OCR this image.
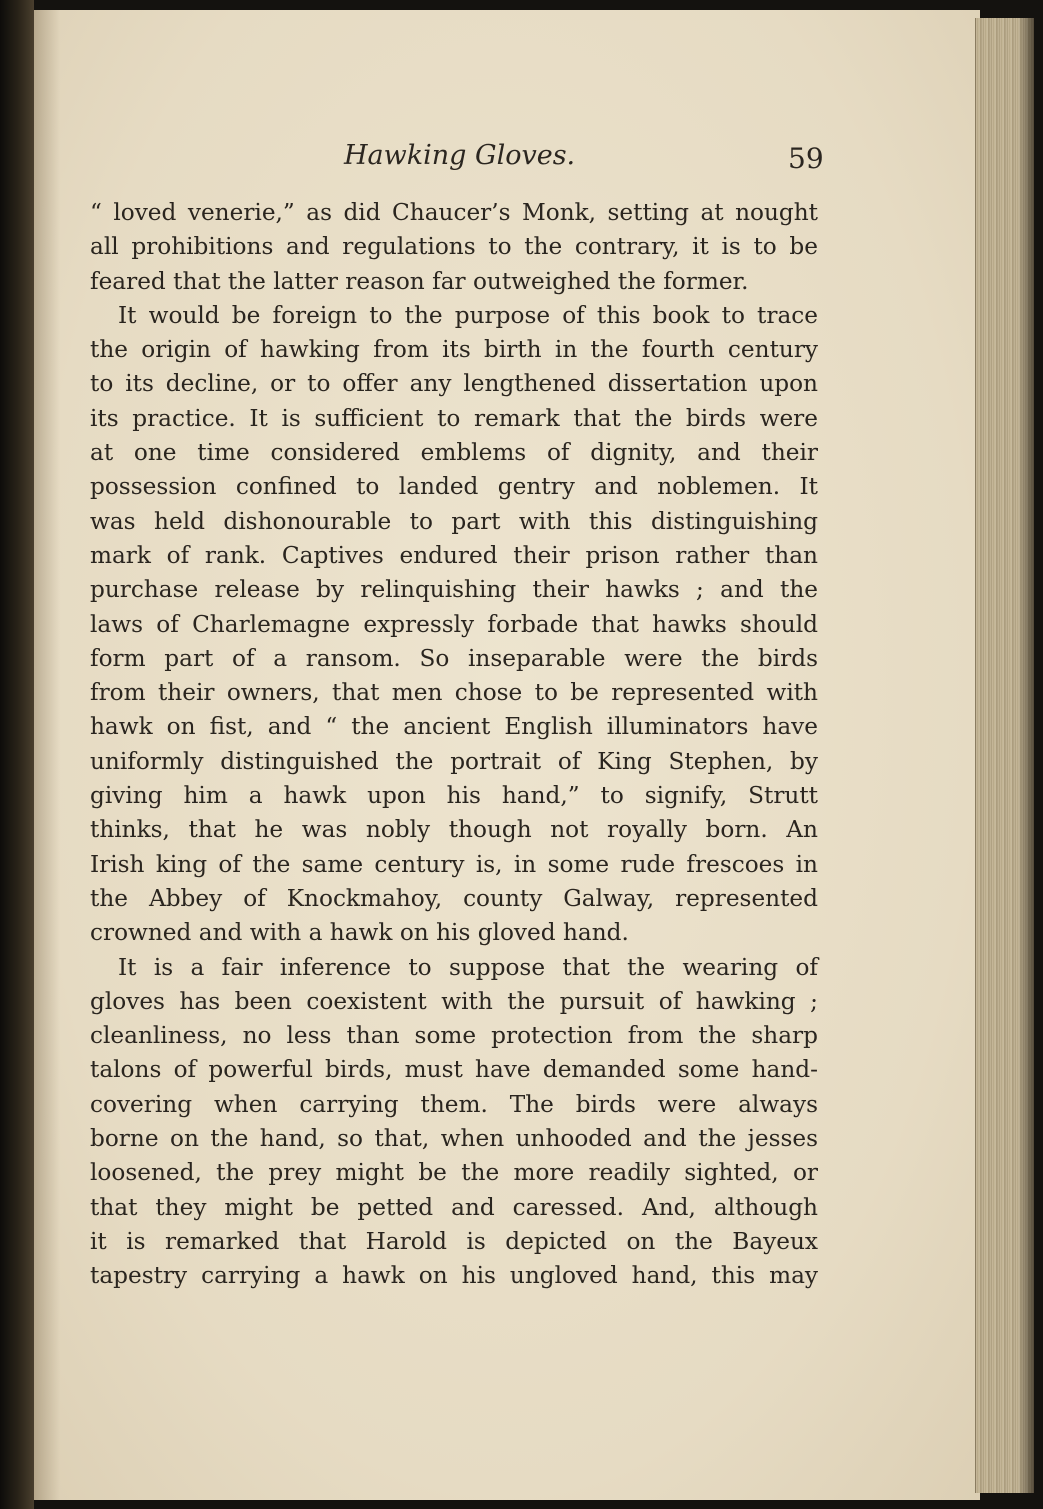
Hawking Gloves.	59
“ loved venerie,” as did Chaucer’s Monk, setting at nought
all prohibitions and regulations to the contrary, it is to be
feared that the latter reason far outweighed the former.
It would be foreign to the purpose of this book to trace
the origin of hawking from its birth in the fourth century
to its decline, or to offer any lengthened dissertation upon
its practice. It is sufficient to remark that the birds were
at one time considered emblems of dignity, and their
possession confined to landed gentry and noblemen. It
was held dishonourable to part with this distinguishing
mark of rank. Captives endured their prison rather than
purchase release by relinquishing their hawks ; and the
laws of Charlemagne expressly forbade that hawks should
form part of a ransom. So inseparable were the birds
from their owners, that men chose to be represented with
hawk on fist, and “ the ancient English illuminators have
uniformly distinguished the portrait of King Stephen, by
giving him a hawk upon his hand,” to signify, Strutt
thinks, that he was nobly though not royally born. An
Irish king of the same century is, in some rude frescoes in
the Abbey of Knockmahoy, county Galway, represented
crowned and with a hawk on his gloved hand.
It is a fair inference to suppose that the wearing of
gloves has been coexistent with the pursuit of hawking ;
cleanliness, no less than some protection from the sharp
talons of powerful birds, must have demanded some hand-
covering when carrying them. The birds were always
borne on the hand, so that, when unhooded and the jesses
loosened, the prey might be the more readily sighted, or
that they might be petted and caressed. And, although
it is remarked that Harold is depicted on the Bayeux
tapestry carrying a hawk on his ungloved hand, this may
